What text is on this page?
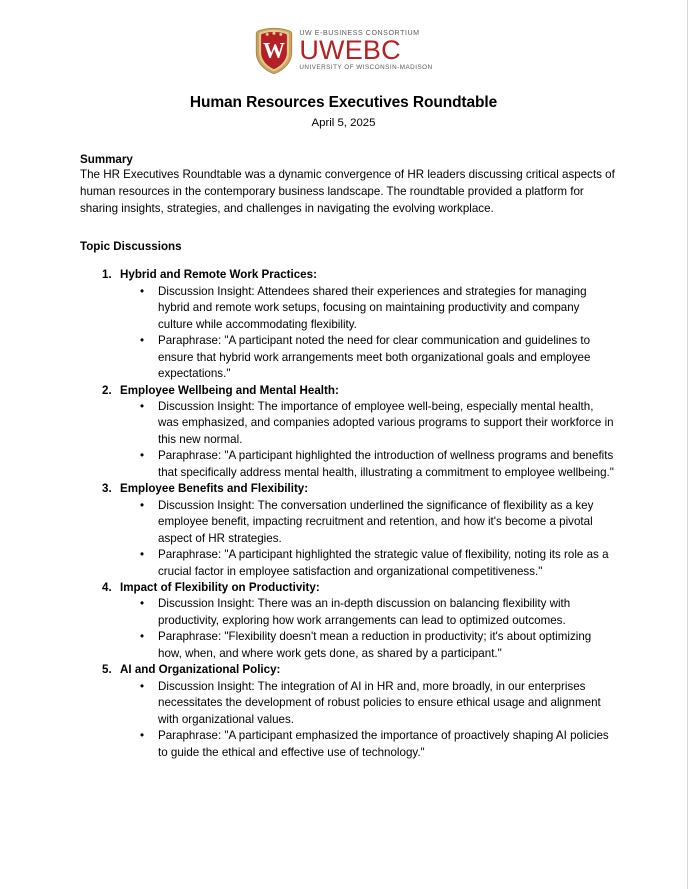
W
UW E-BUSINESS CONSORTIUM
UWEBC
UNIVERSITY OF WISCONSIN-MADISON
Human Resources Executives Roundtable
April 5, 2025
Summary

The HR Executives Roundtable was a dynamic convergence of HR leaders discussing critical aspects of human resources in the contemporary business landscape. The roundtable provided a platform for sharing insights, strategies, and challenges in navigating the evolving workplace.

Topic Discussions
1. Hybrid and Remote Work Practices:
•	Discussion Insight: Attendees shared their experiences and strategies for managing hybrid and remote work setups, focusing on maintaining productivity and company culture while accommodating flexibility.
•	Paraphrase: "A participant noted the need for clear communication and guidelines to ensure that hybrid work arrangements meet both organizational goals and employee expectations."
2. Employee Wellbeing and Mental Health:
•	Discussion Insight: The importance of employee well-being, especially mental health, was emphasized, and companies adopted various programs to support their workforce in this new normal.
•	Paraphrase: "A participant highlighted the introduction of wellness programs and benefits that specifically address mental health, illustrating a commitment to employee wellbeing."
3. Employee Benefits and Flexibility:
•	Discussion Insight: The conversation underlined the significance of flexibility as a key employee benefit, impacting recruitment and retention, and how it's become a pivotal aspect of HR strategies.
•	Paraphrase: "A participant highlighted the strategic value of flexibility, noting its role as a crucial factor in employee satisfaction and organizational competitiveness."
4. Impact of Flexibility on Productivity:
•	Discussion Insight: There was an in-depth discussion on balancing flexibility with productivity, exploring how work arrangements can lead to optimized outcomes.
•	Paraphrase: "Flexibility doesn't mean a reduction in productivity; it's about optimizing how, when, and where work gets done, as shared by a participant."
5. AI and Organizational Policy:
•	Discussion Insight: The integration of AI in HR and, more broadly, in our enterprises necessitates the development of robust policies to ensure ethical usage and alignment with organizational values.
•	Paraphrase: "A participant emphasized the importance of proactively shaping AI policies to guide the ethical and effective use of technology."
